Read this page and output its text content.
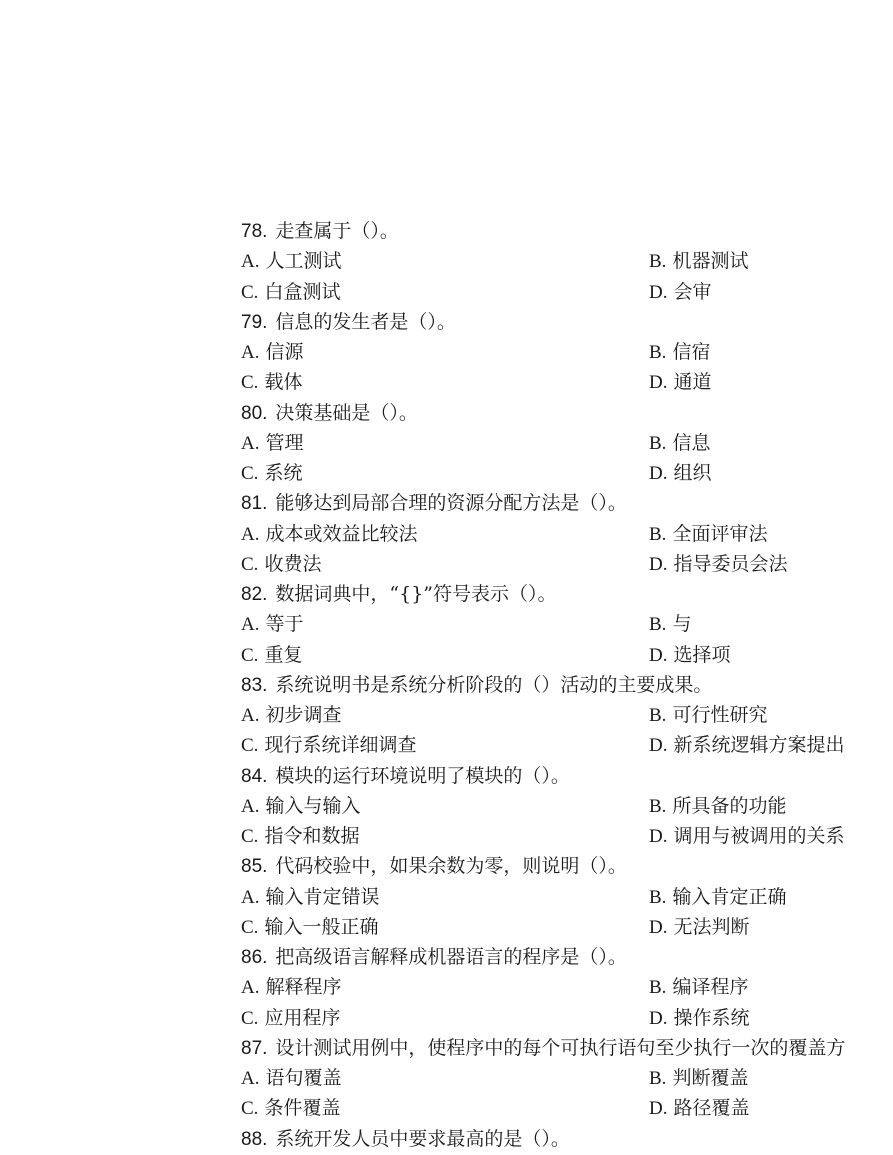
78. 走查属于（）。
A. 人工测试	B. 机器测试
C. 白盒测试	D. 会审
79. 信息的发生者是（）。
A. 信源	B. 信宿
C. 载体	D. 通道
80. 决策基础是（）。
A. 管理	B. 信息
C. 系统	D. 组织
81. 能够达到局部合理的资源分配方法是（）。
A. 成本或效益比较法	B. 全面评审法
C. 收费法	D. 指导委员会法
82. 数据词典中，“{}”符号表示（）。
A. 等于	B. 与
C. 重复	D. 选择项
83. 系统说明书是系统分析阶段的（）活动的主要成果。
A. 初步调查	B. 可行性研究
C. 现行系统详细调查	D. 新系统逻辑方案提出
84. 模块的运行环境说明了模块的（）。
A. 输入与输入	B. 所具备的功能
C. 指令和数据	D. 调用与被调用的关系
85. 代码校验中，如果余数为零，则说明（）。
A. 输入肯定错误	B. 输入肯定正确
C. 输入一般正确	D. 无法判断
86. 把高级语言解释成机器语言的程序是（）。
A. 解释程序	B. 编译程序
C. 应用程序	D. 操作系统
87. 设计测试用例中，使程序中的每个可执行语句至少执行一次的覆盖方
A. 语句覆盖	B. 判断覆盖
C. 条件覆盖	D. 路径覆盖
88. 系统开发人员中要求最高的是（）。
